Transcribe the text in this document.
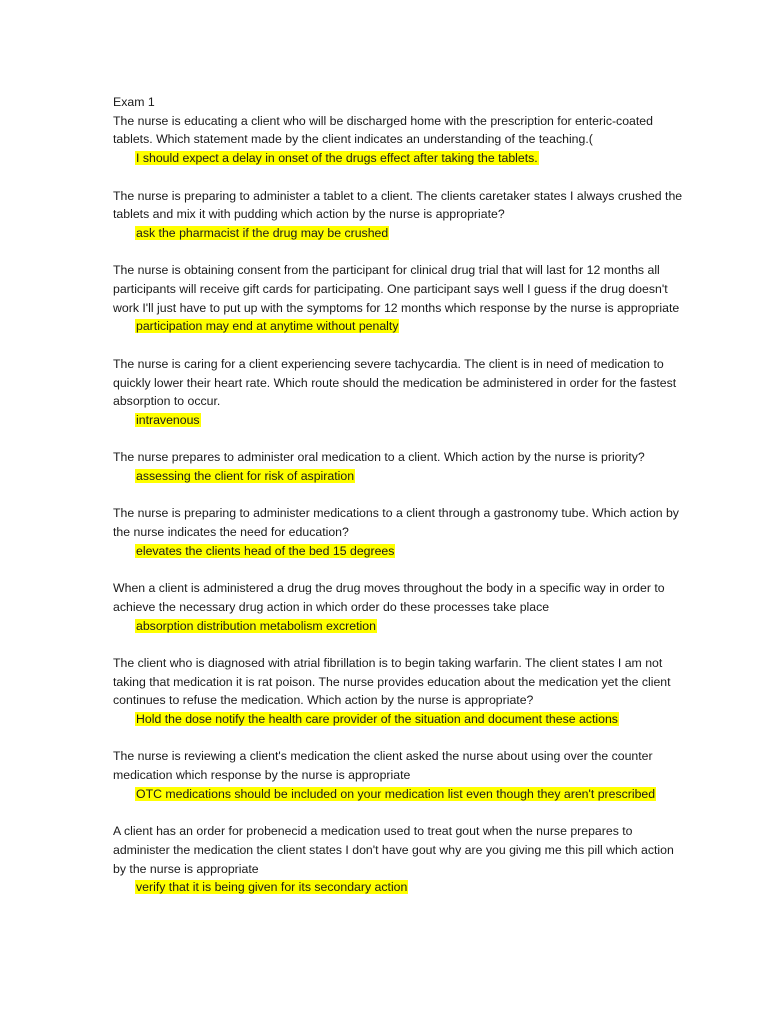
Exam 1

The nurse is educating a client who will be discharged home with the prescription for enteric-coated tablets. Which statement made by the client indicates an understanding of the teaching.(

I should expect a delay in onset of the drugs effect after taking the tablets.

The nurse is preparing to administer a tablet to a client. The clients caretaker states I always crushed the tablets and mix it with pudding which action by the nurse is appropriate?

ask the pharmacist if the drug may be crushed

The nurse is obtaining consent from the participant for clinical drug trial that will last for 12 months all participants will receive gift cards for participating. One participant says well I guess if the drug doesn't work I'll just have to put up with the symptoms for 12 months which response by the nurse is appropriate

participation may end at anytime without penalty

The nurse is caring for a client experiencing severe tachycardia. The client is in need of medication to quickly lower their heart rate. Which route should the medication be administered in order for the fastest absorption to occur.

intravenous

The nurse prepares to administer oral medication to a client. Which action by the nurse is priority?

assessing the client for risk of aspiration

The nurse is preparing to administer medications to a client through a gastronomy tube. Which action by the nurse indicates the need for education?

elevates the clients head of the bed 15 degrees

When a client is administered a drug the drug moves throughout the body in a specific way in order to achieve the necessary drug action in which order do these processes take place

absorption distribution metabolism excretion

The client who is diagnosed with atrial fibrillation is to begin taking warfarin. The client states I am not taking that medication it is rat poison. The nurse provides education about the medication yet the client continues to refuse the medication. Which action by the nurse is appropriate?

Hold the dose notify the health care provider of the situation and document these actions

The nurse is reviewing a client's medication the client asked the nurse about using over the counter medication which response by the nurse is appropriate

OTC medications should be included on your medication list even though they aren't prescribed

A client has an order for probenecid a medication used to treat gout when the nurse prepares to administer the medication the client states I don't have gout why are you giving me this pill which action by the nurse is appropriate

verify that it is being given for its secondary action
